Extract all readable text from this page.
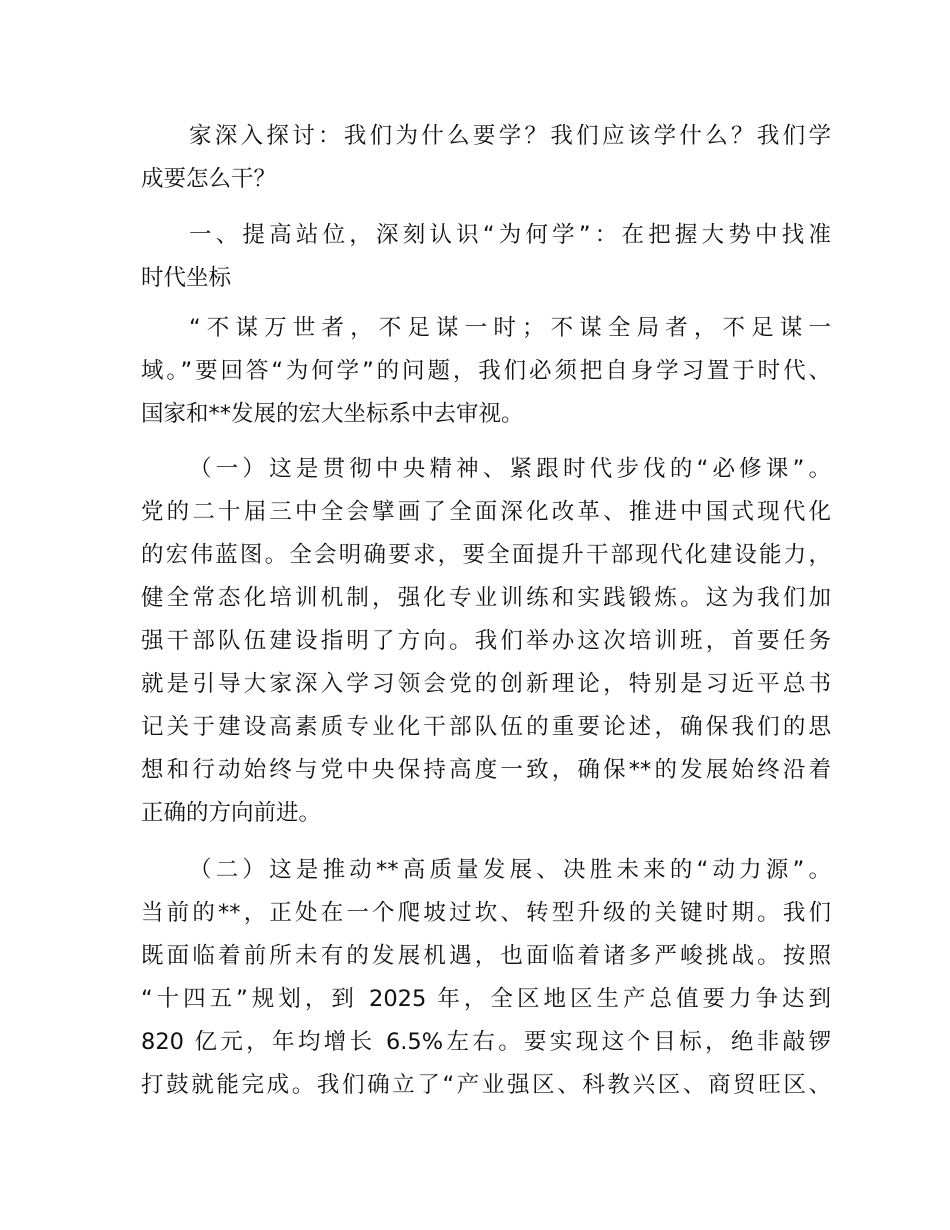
家深入探讨：我们为什么要学？我们应该学什么？我们学
成要怎么干？
一、提高站位，深刻认识“为何学”：在把握大势中找准
时代坐标
“不谋万世者，不足谋一时；不谋全局者，不足谋一
域。”要回答“为何学”的问题，我们必须把自身学习置于时代、
国家和**发展的宏大坐标系中去审视。
（一）这是贯彻中央精神、紧跟时代步伐的“必修课”。
党的二十届三中全会擘画了全面深化改革、推进中国式现代化
的宏伟蓝图。全会明确要求，要全面提升干部现代化建设能力，
健全常态化培训机制，强化专业训练和实践锻炼。这为我们加
强干部队伍建设指明了方向。我们举办这次培训班，首要任务
就是引导大家深入学习领会党的创新理论，特别是习近平总书
记关于建设高素质专业化干部队伍的重要论述，确保我们的思
想和行动始终与党中央保持高度一致，确保**的发展始终沿着
正确的方向前进。
（二）这是推动**高质量发展、决胜未来的“动力源”。
当前的**，正处在一个爬坡过坎、转型升级的关键时期。我们
既面临着前所未有的发展机遇，也面临着诸多严峻挑战。按照
“十四五”规划，到 2025 年，全区地区生产总值要力争达到
820 亿元，年均增长 6.5%左右。要实现这个目标，绝非敲锣
打鼓就能完成。我们确立了“产业强区、科教兴区、商贸旺区、
